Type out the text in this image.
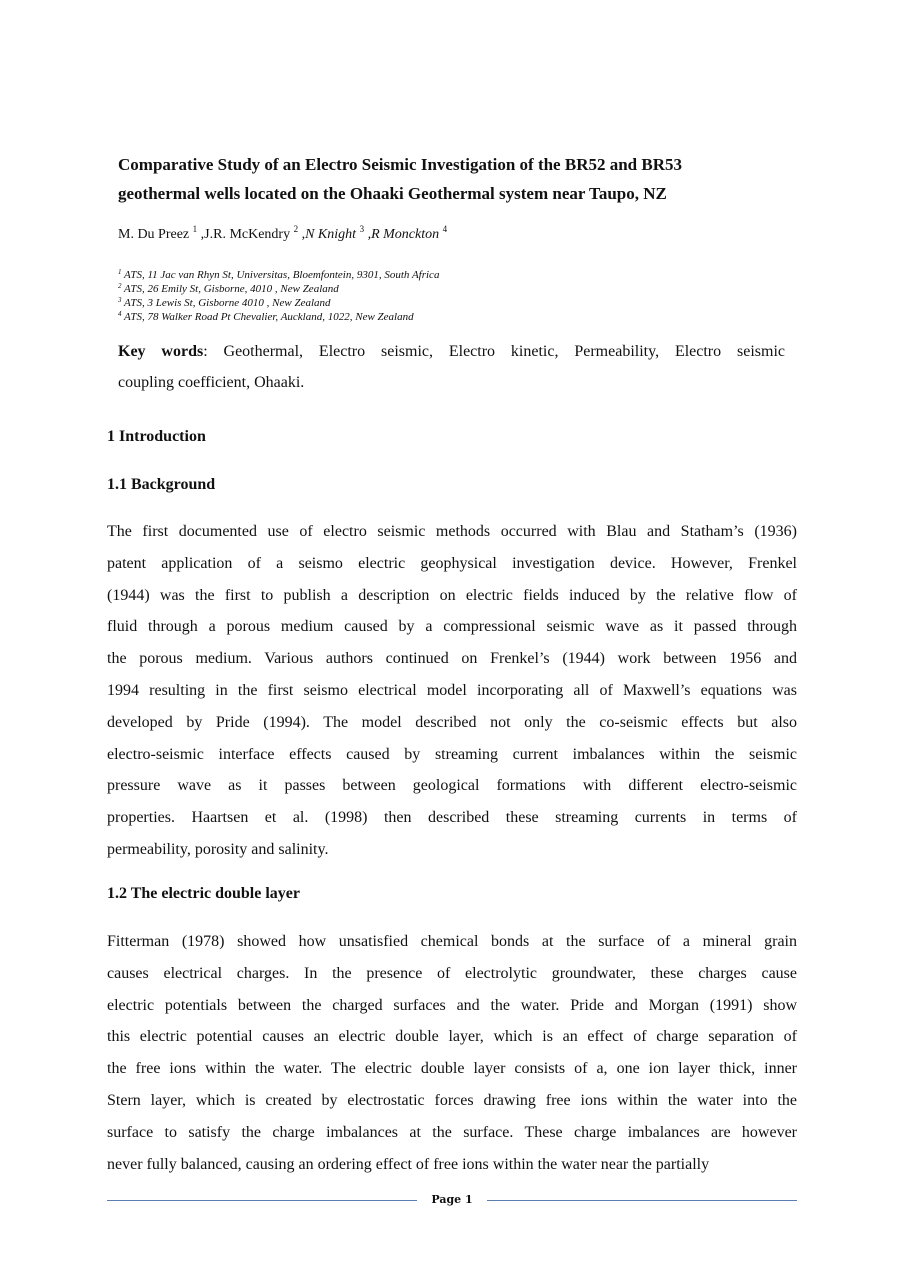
Comparative Study of an Electro Seismic Investigation of the BR52 and BR53
geothermal wells located on the Ohaaki Geothermal system near Taupo, NZ
M. Du Preez $^1$ ,J.R. McKendry $^2$ ,N Knight $^3$ ,R Monckton $^4$
$^1$ ATS, 11 Jac van Rhyn St, Universitas, Bloemfontein, 9301, South Africa
$^2$ ATS, 26 Emily St, Gisborne, 4010 , New Zealand
$^3$ ATS, 3 Lewis St, Gisborne 4010 , New Zealand
$^4$ ATS, 78 Walker Road Pt Chevalier, Auckland, 1022, New Zealand

Key words: Geothermal, Electro seismic, Electro kinetic, Permeability, Electro seismic
coupling coefficient, Ohaaki.

1 Introduction
1.1 Background

The first documented use of electro seismic methods occurred with Blau and Statham’s (1936)
patent application of a seismo electric geophysical investigation device. However, Frenkel
(1944) was the first to publish a description on electric fields induced by the relative flow of
fluid through a porous medium caused by a compressional seismic wave as it passed through
the porous medium. Various authors continued on Frenkel’s (1944) work between 1956 and
1994 resulting in the first seismo electrical model incorporating all of Maxwell’s equations was
developed by Pride (1994). The model described not only the co-seismic effects but also
electro-seismic interface effects caused by streaming current imbalances within the seismic
pressure wave as it passes between geological formations with different electro-seismic
properties. Haartsen et al. (1998) then described these streaming currents in terms of
permeability, porosity and salinity.

1.2 The electric double layer

Fitterman (1978) showed how unsatisfied chemical bonds at the surface of a mineral grain
causes electrical charges. In the presence of electrolytic groundwater, these charges cause
electric potentials between the charged surfaces and the water. Pride and Morgan (1991) show
this electric potential causes an electric double layer, which is an effect of charge separation of
the free ions within the water. The electric double layer consists of a, one ion layer thick, inner
Stern layer, which is created by electrostatic forces drawing free ions within the water into the
surface to satisfy the charge imbalances at the surface. These charge imbalances are however
never fully balanced, causing an ordering effect of free ions within the water near the partially

Page 1
